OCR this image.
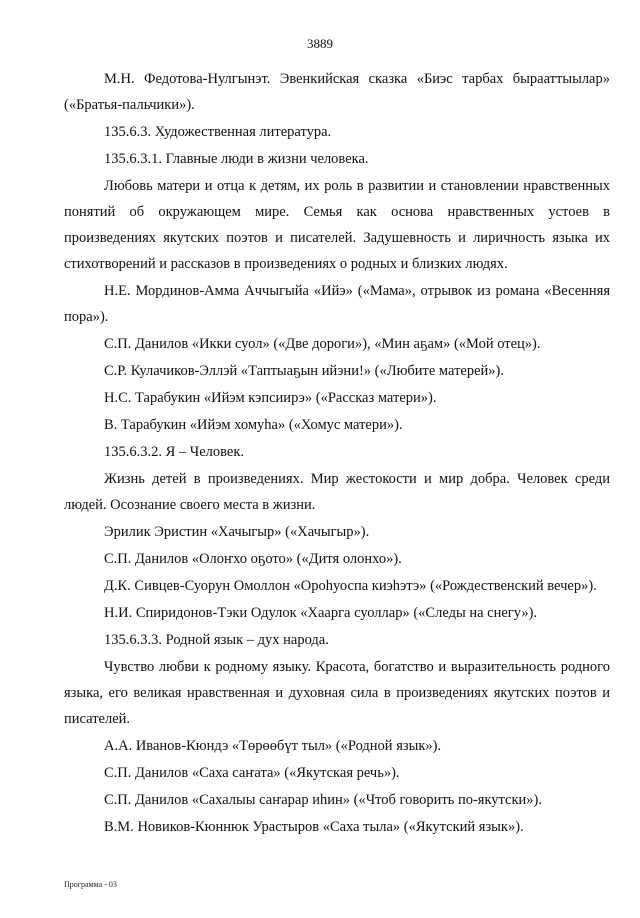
3889

М.Н. Федотова-Нулгынэт. Эвенкийская сказка «Биэс тарбах бырааттыылар» («Братья-пальчики»).

135.6.3. Художественная литература.

135.6.3.1. Главные люди в жизни человека.

Любовь матери и отца к детям, их роль в развитии и становлении нравственных понятий об окружающем мире. Семья как основа нравственных устоев в произведениях якутских поэтов и писателей. Задушевность и лиричность языка их стихотворений и рассказов в произведениях о родных и близких людях.

Н.Е. Мординов-Амма Аччыгыйа «Ийэ» («Мама», отрывок из романа «Весенняя пора»).

С.П. Данилов «Икки суол» («Две дороги»), «Мин аҕам» («Мой отец»).

С.Р. Кулачиков-Эллэй «Таптыаҕын ийэни!» («Любите матерей»).

Н.С. Тарабукин «Ийэм кэпсиирэ» («Рассказ матери»).

В. Тарабукин «Ийэм хомуһа» («Хомус матери»).

135.6.3.2. Я – Человек.

Жизнь детей в произведениях. Мир жестокости и мир добра. Человек среди людей. Осознание своего места в жизни.

Эрилик Эристин «Хачыгыр» («Хачыгыр»).

С.П. Данилов «Олоҥхо оҕото» («Дитя олонхо»).

Д.К. Сивцев-Суорун Омоллон «Ороһуоспа киэһэтэ» («Рождественский вечер»).

Н.И. Спиридонов-Тэки Одулок «Хаарга суоллар» («Следы на снегу»).

135.6.3.3. Родной язык – дух народа.

Чувство любви к родному языку. Красота, богатство и выразительность родного языка, его великая нравственная и духовная сила в произведениях якутских поэтов и писателей.

А.А. Иванов-Кюндэ «Төрөөбүт тыл» («Родной язык»).

С.П. Данилов «Саха саҥата» («Якутская речь»).

С.П. Данилов «Сахалыы саҥарар иһин» («Чтоб говорить по-якутски»).

В.М. Новиков-Кюннюк Урастыров «Саха тыла» («Якутский язык»).

Программа - 03
